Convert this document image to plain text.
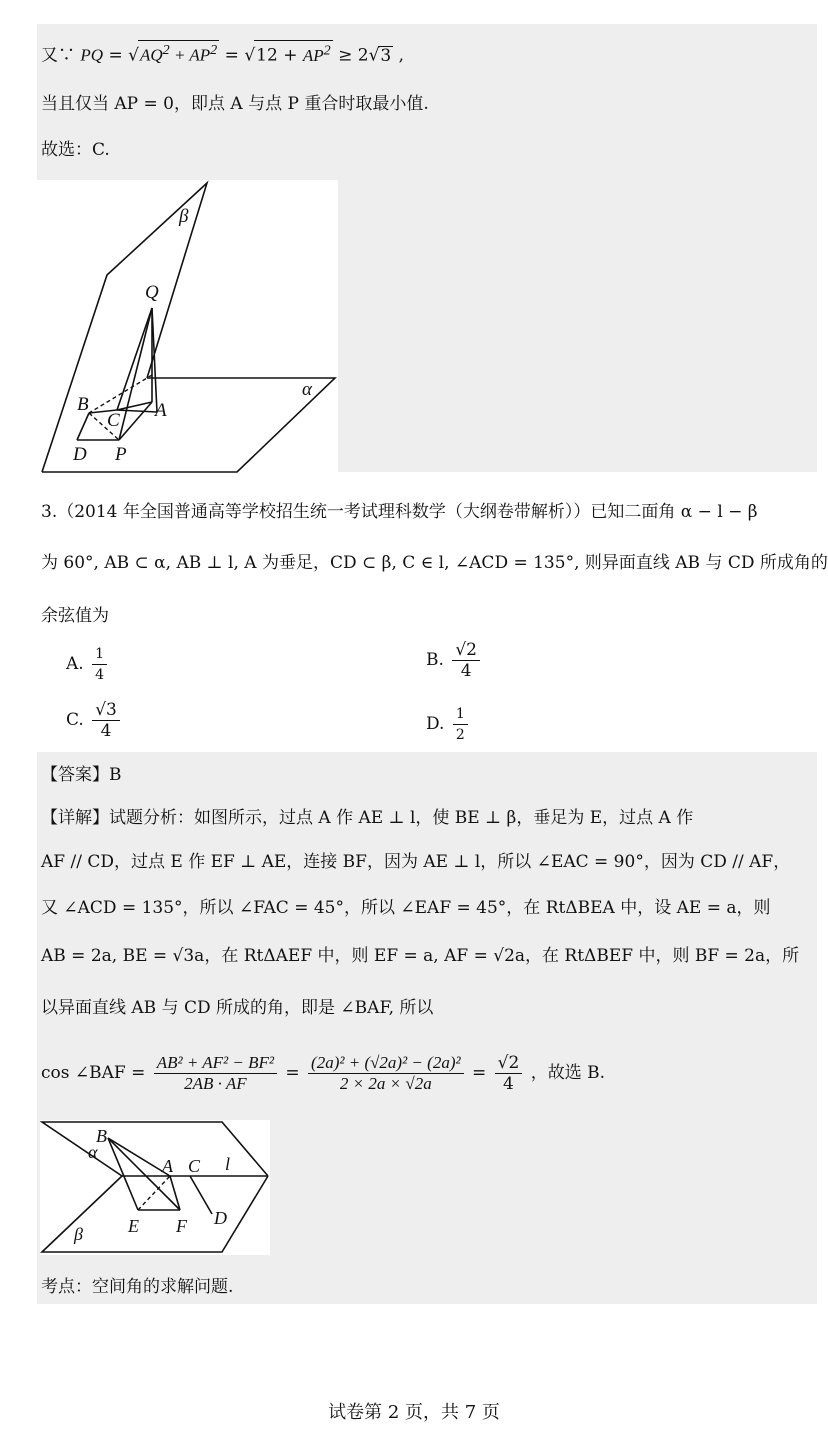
又∵ PQ = $√AQ^2 + AP^2 = √12 + AP^2 \ge 2√3$ ,
当且仅当 AP = 0，即点 A 与点 P 重合时取最小值.
故选：C.
β
Q
α
B
C A
D P
3.（2014 年全国普通高等学校招生统一考试理科数学（大纲卷带解析））已知二面角 α − l − β
为 60°, AB ⊂ α, AB ⊥ l, A 为垂足，CD ⊂ β, C ∈ l, ∠ACD = 135°, 则异面直线 AB 与 CD 所成角的
余弦值为
A. $\frac{1}{4}$	B. $\frac{√2}{4}$
C. $\frac{√3}{4}$	D. $\frac{1}{2}$
【答案】B
【详解】试题分析：如图所示，过点 A 作 AE ⊥ l，使 BE ⊥ β，垂足为 E，过点 A 作
AF // CD，过点 E 作 EF ⊥ AE，连接 BF，因为 AE ⊥ l，所以 ∠EAC = 90°，因为 CD // AF，
又 ∠ACD = 135°，所以 ∠FAC = 45°，所以 ∠EAF = 45°，在 RtΔBEA 中，设 AE = a，则
AB = 2a, BE = √3a，在 RtΔAEF 中，则 EF = a, AF = √2a，在 RtΔBEF 中，则 BF = 2a，所
以异面直线 AB 与 CD 所成的角，即是 ∠BAF, 所以
cos ∠BAF = $\frac{\text{AB² + AF² − BF²}}{2AB \cdot AF} = \frac{\text{(2a)² + (√2a)² − (2a)²}}{2 \times 2a \times √2a} = \frac{√2}{4}$ ，故选 B.
B
α
A C l
E F D
β
考点：空间角的求解问题.
试卷第 2 页，共 7 页
